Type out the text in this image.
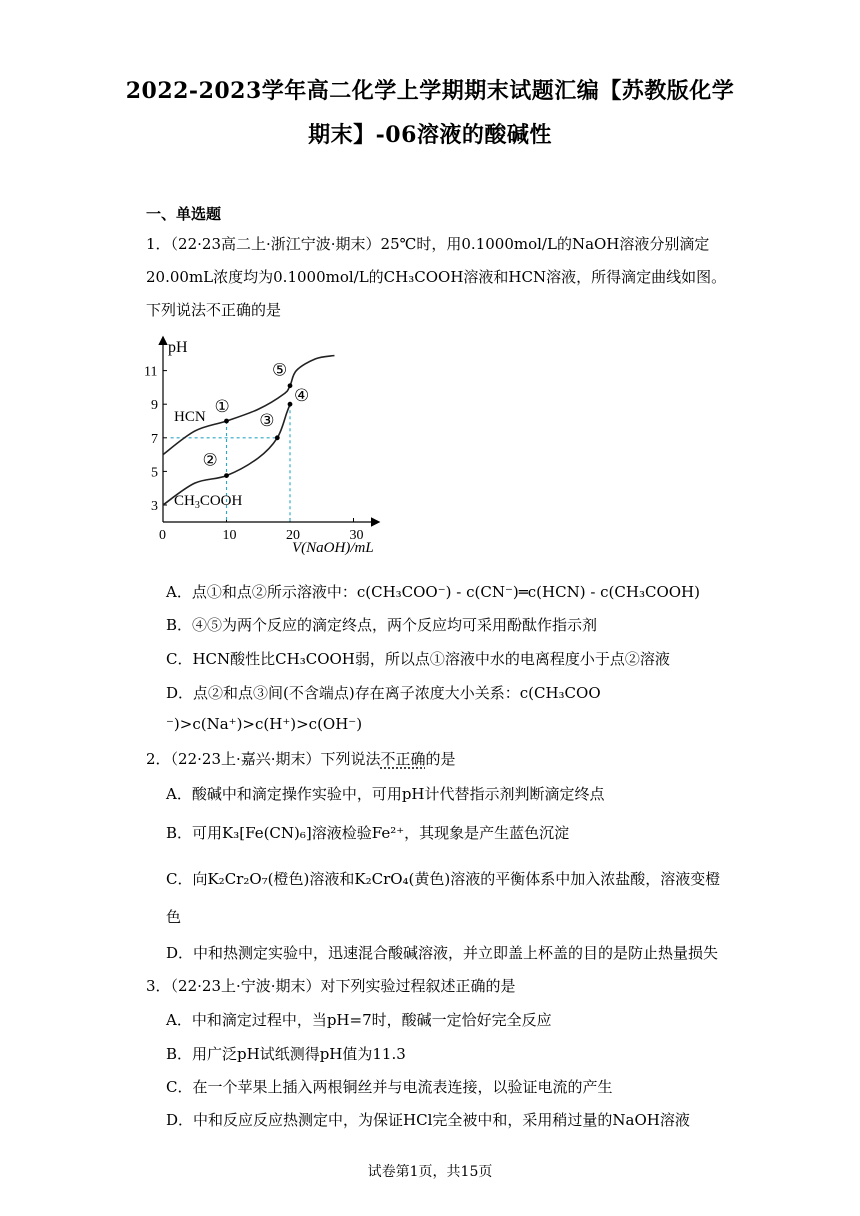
2022-2023学年高二化学上学期期末试题汇编【苏教版化学
期末】-06溶液的酸碱性
一、单选题
1．（22·23高二上·浙江宁波·期末）25℃时，用0.1000mol/L的NaOH溶液分别滴定
20.00mL浓度均为0.1000mol/L的CH₃COOH溶液和HCN溶液，所得滴定曲线如图。
下列说法不正确的是
0	10	20	30
3
5
7
9
11
①
②
③
④
⑤
pH
V(NaOH)/mL
HCN
$CH_3COOH$
A．点①和点②所示溶液中：c(CH₃COO⁻) - c(CN⁻)═c(HCN) - c(CH₃COOH)
B．④⑤为两个反应的滴定终点，两个反应均可采用酚酞作指示剂
C．HCN酸性比CH₃COOH弱，所以点①溶液中水的电离程度小于点②溶液
D．点②和点③间(不含端点)存在离子浓度大小关系：c(CH₃COO
⁻)>c(Na⁺)>c(H⁺)>c(OH⁻)
2．（22·23上·嘉兴·期末）下列说法不正确的是
A．酸碱中和滴定操作实验中，可用pH计代替指示剂判断滴定终点
B．可用K₃[Fe(CN)₆]溶液检验Fe²⁺，其现象是产生蓝色沉淀
C．向K₂Cr₂O₇(橙色)溶液和K₂CrO₄(黄色)溶液的平衡体系中加入浓盐酸，溶液变橙
色
D．中和热测定实验中，迅速混合酸碱溶液，并立即盖上杯盖的目的是防止热量损失
3．（22·23上·宁波·期末）对下列实验过程叙述正确的是
A．中和滴定过程中，当pH=7时，酸碱一定恰好完全反应
B．用广泛pH试纸测得pH值为11.3
C．在一个苹果上插入两根铜丝并与电流表连接，以验证电流的产生
D．中和反应反应热测定中，为保证HCl完全被中和，采用稍过量的NaOH溶液
试卷第1页，共15页
